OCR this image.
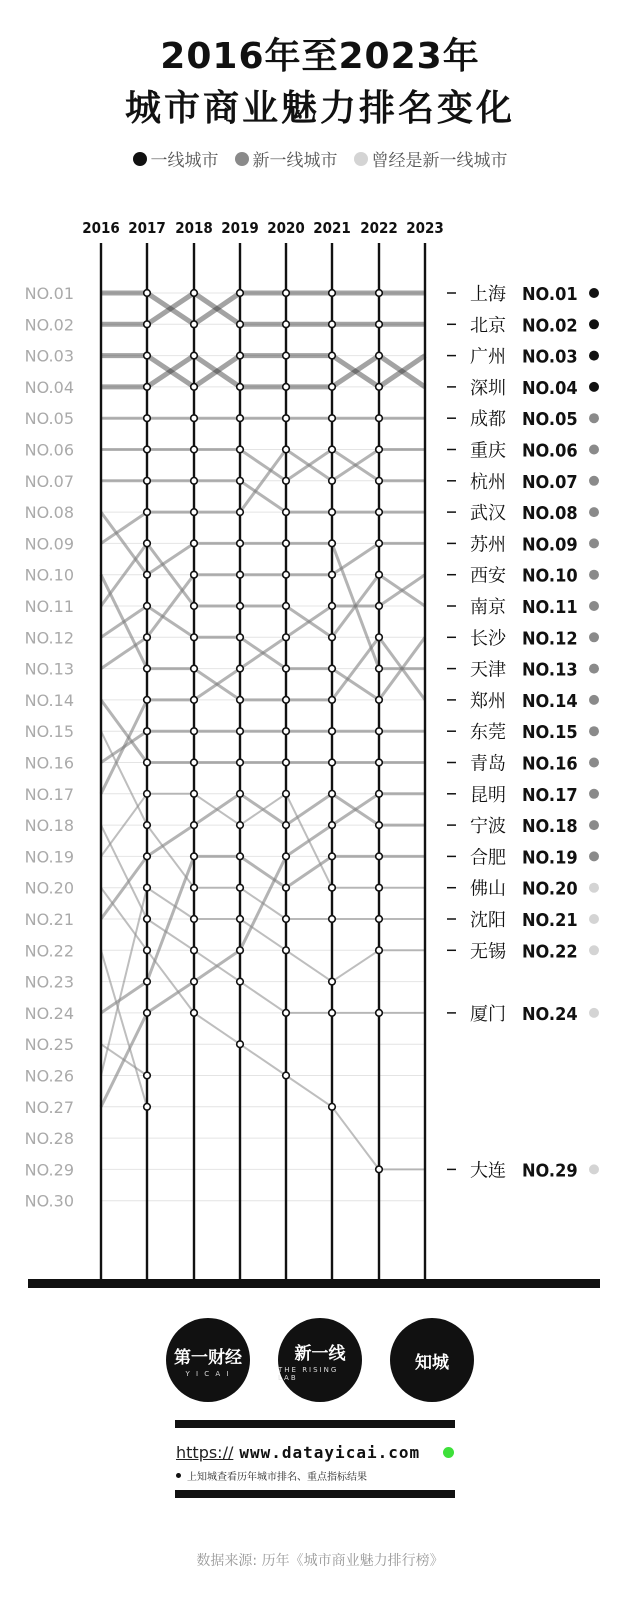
2016年至2023年
城市商业魅力排名变化
一线城市 新一线城市 曾经是新一线城市
2016 2017 2018 2019 2020 2021 2022 2023
NO.01
NO.02
NO.03
NO.04
NO.05
NO.06
NO.07
NO.08
NO.09
NO.10
NO.11
NO.12
NO.13
NO.14
NO.15
NO.16
NO.17
NO.18
NO.19
NO.20
NO.21
NO.22
NO.23
NO.24
NO.25
NO.26
NO.27
NO.28
NO.29
NO.30
上海 NO.01
北京 NO.02
广州 NO.03
深圳 NO.04
成都 NO.05
重庆 NO.06
杭州 NO.07
武汉 NO.08
苏州 NO.09
西安 NO.10
南京 NO.11
长沙 NO.12
天津 NO.13
郑州 NO.14
东莞 NO.15
青岛 NO.16
昆明 NO.17
宁波 NO.18
合肥 NO.19
佛山 NO.20
沈阳 NO.21
无锡 NO.22
厦门 NO.24
大连 NO.29
第一财经
Y I C A I
新一线
THE RISING LAB
知城
https:// www.datayicai.com
上知城查看历年城市排名、重点指标结果
数据来源: 历年《城市商业魅力排行榜》
